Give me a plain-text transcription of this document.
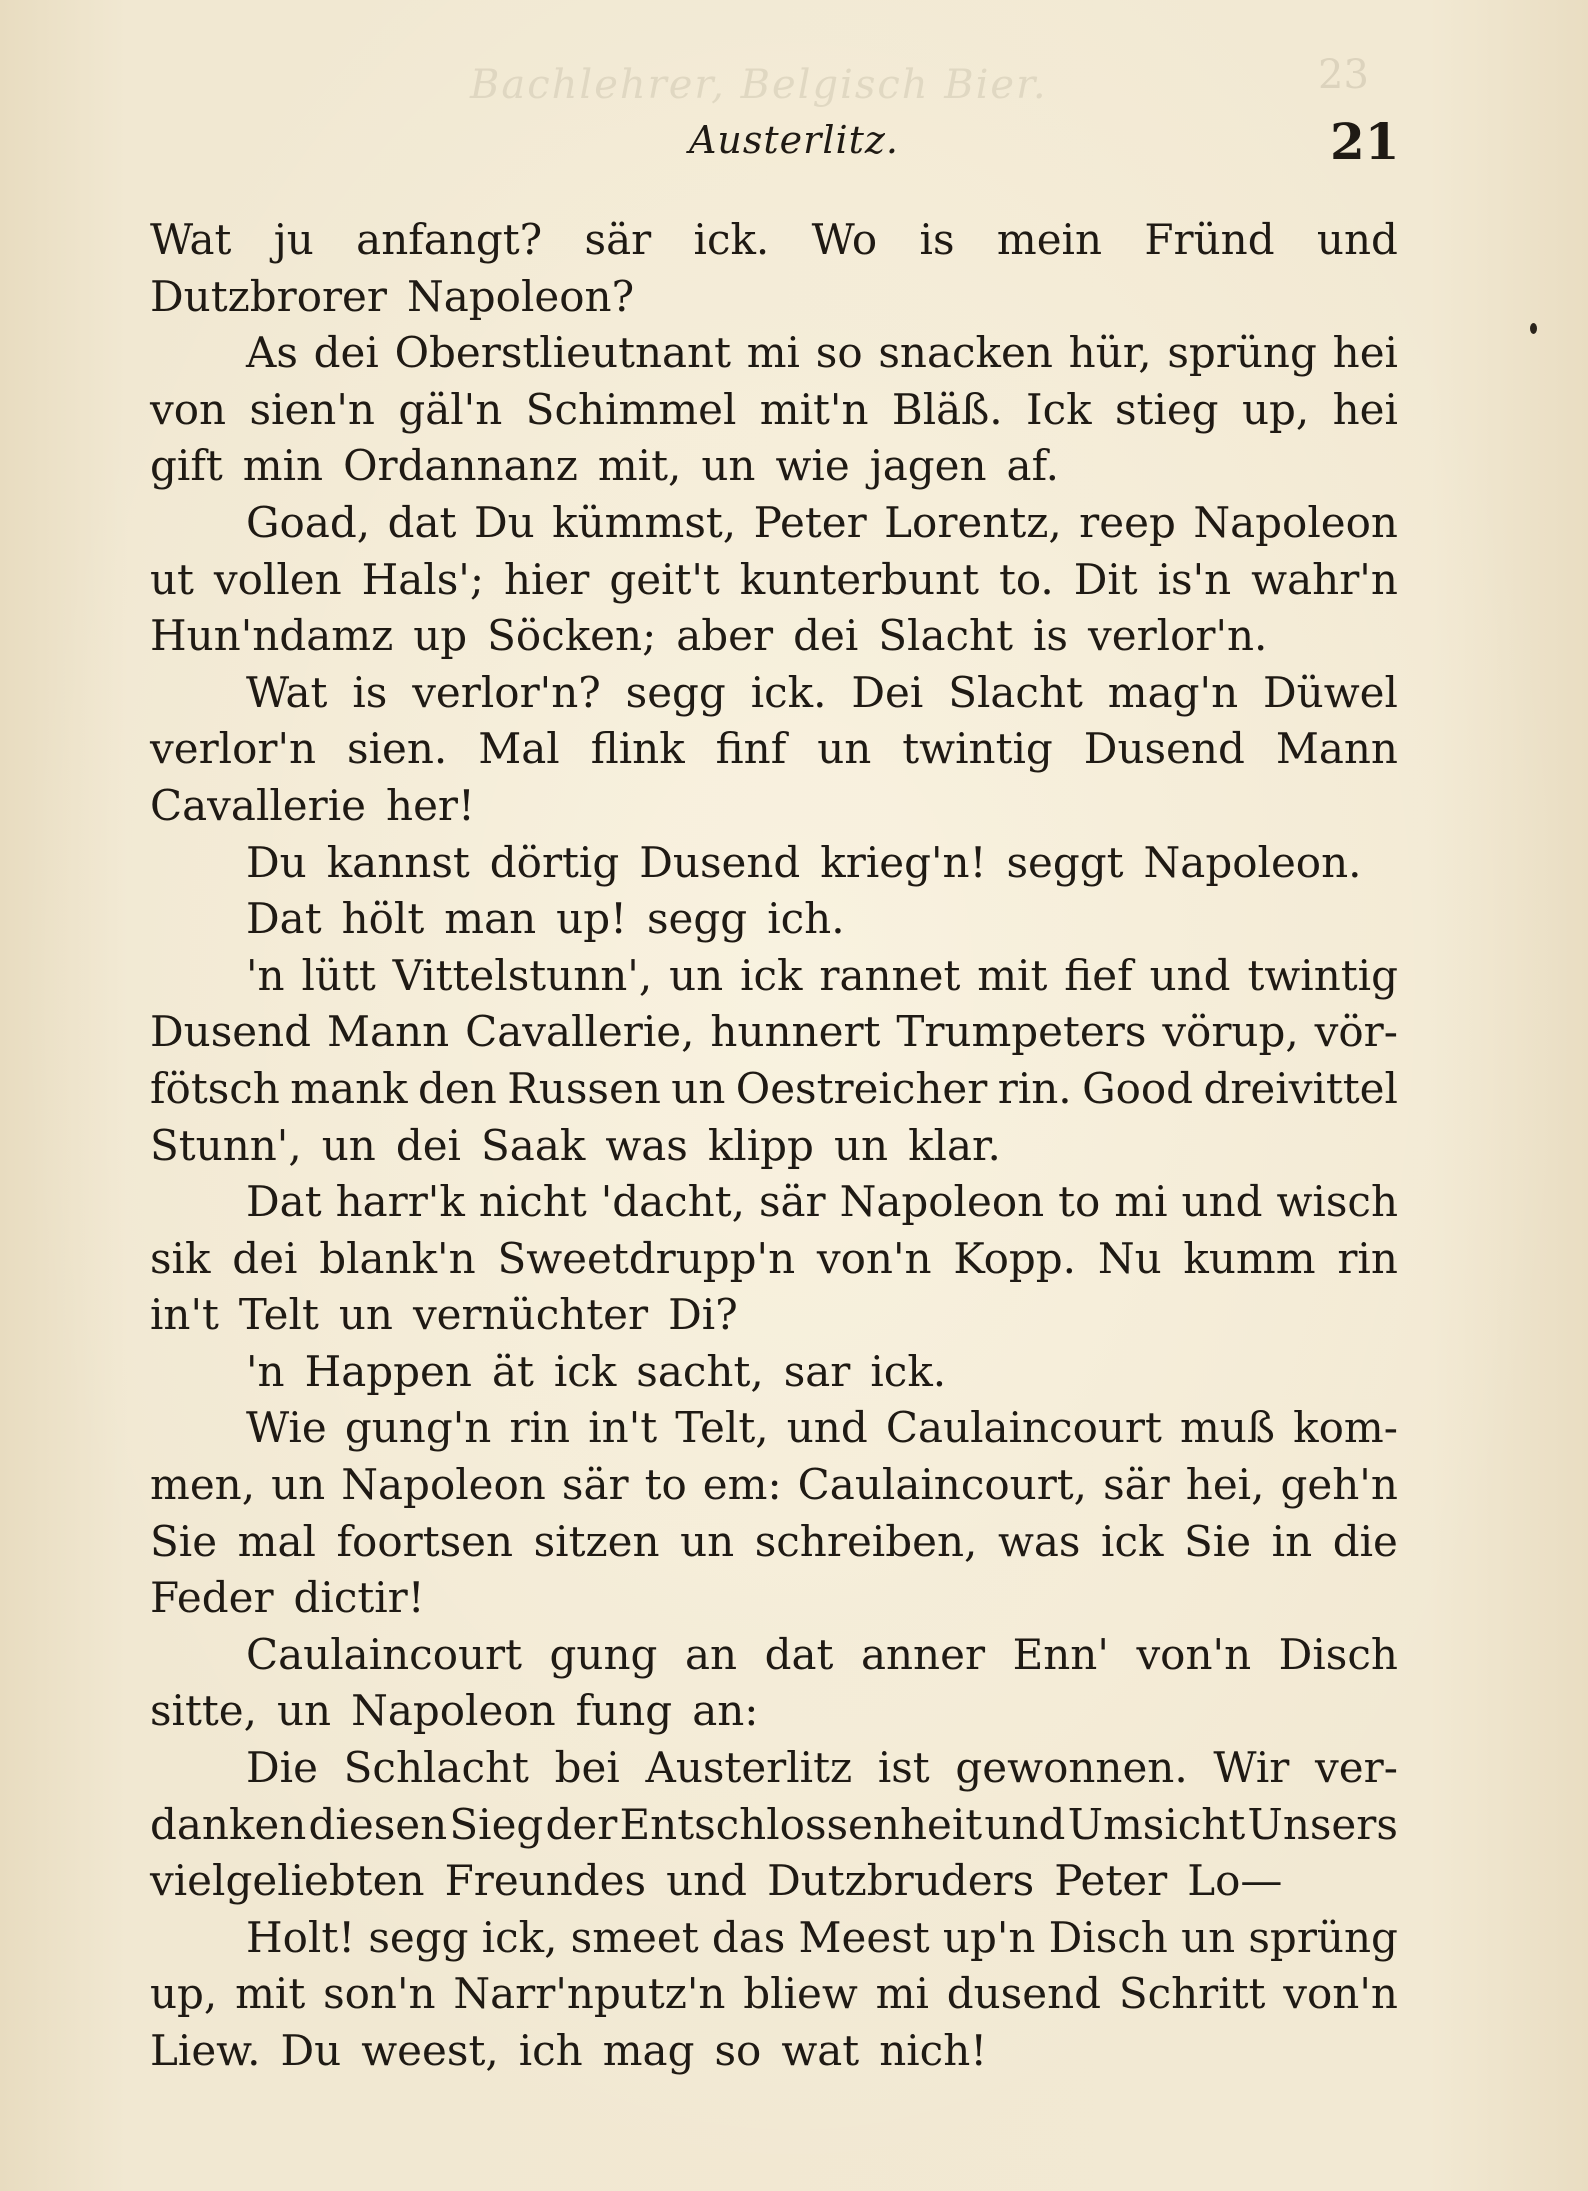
Bachlehrer, Belgisch Bier.	23
Austerlitz.	21
Wat ju anfangt? sär ick. Wo is mein Fründ und
Dutzbrorer Napoleon?
As dei Oberstlieutnant mi so snacken hür, sprüng hei
von sien'n gäl'n Schimmel mit'n Bläß. Ick stieg up, hei
gift min Ordannanz mit, un wie jagen af.
Goad, dat Du kümmst, Peter Lorentz, reep Napoleon
ut vollen Hals'; hier geit't kunterbunt to. Dit is'n wahr'n
Hun'ndamz up Söcken; aber dei Slacht is verlor'n.
Wat is verlor'n? segg ick. Dei Slacht mag'n Düwel
verlor'n sien. Mal flink finf un twintig Dusend Mann
Cavallerie her!
Du kannst dörtig Dusend krieg'n! seggt Napoleon.
Dat hölt man up! segg ich.
'n lütt Vittelstunn', un ick rannet mit fief und twintig
Dusend Mann Cavallerie, hunnert Trumpeters vörup, vör-
fötsch mank den Russen un Oestreicher rin. Good dreivittel
Stunn', un dei Saak was klipp un klar.
Dat harr'k nicht 'dacht, sär Napoleon to mi und wisch
sik dei blank'n Sweetdrupp'n von'n Kopp. Nu kumm rin
in't Telt un vernüchter Di?
'n Happen ät ick sacht, sar ick.
Wie gung'n rin in't Telt, und Caulaincourt muß kom-
men, un Napoleon sär to em: Caulaincourt, sär hei, geh'n
Sie mal foortsen sitzen un schreiben, was ick Sie in die
Feder dictir!
Caulaincourt gung an dat anner Enn' von'n Disch
sitte, un Napoleon fung an:
Die Schlacht bei Austerlitz ist gewonnen. Wir ver-
danken diesen Sieg der Entschlossenheit und Umsicht Unsers
vielgeliebten Freundes und Dutzbruders Peter Lo—
Holt! segg ick, smeet das Meest up'n Disch un sprüng
up, mit son'n Narr'nputz'n bliew mi dusend Schritt von'n
Liew. Du weest, ich mag so wat nich!
